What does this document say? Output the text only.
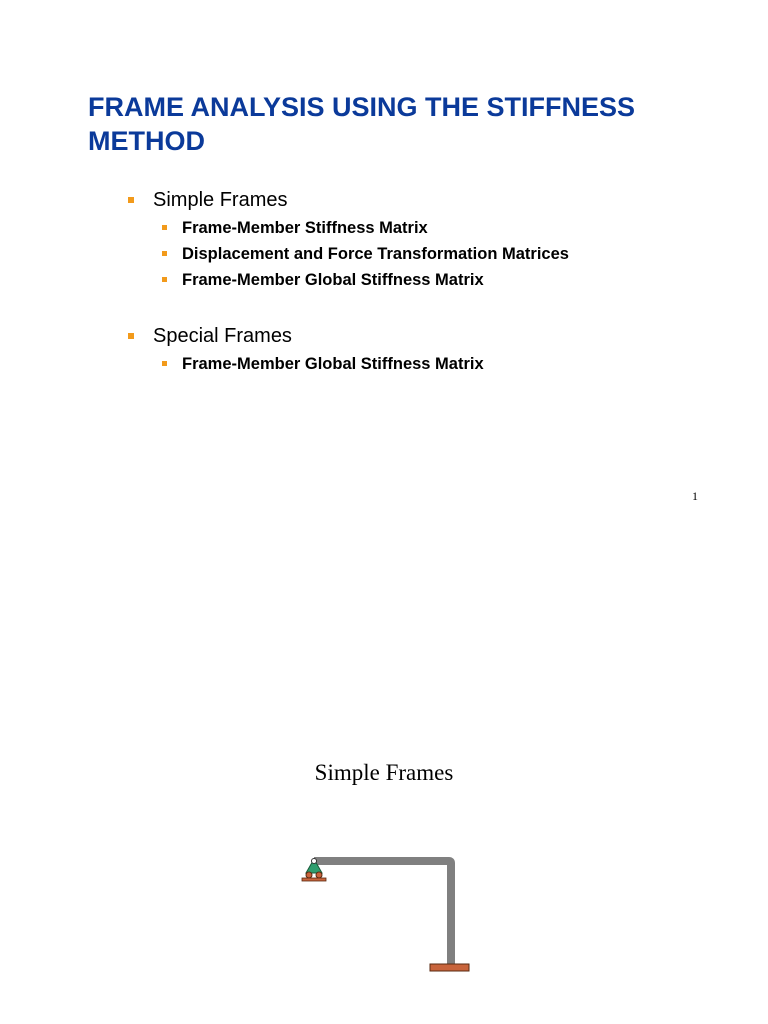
FRAME ANALYSIS USING THE STIFFNESS METHOD
Simple Frames
Frame-Member Stiffness Matrix
Displacement and Force Transformation Matrices
Frame-Member Global Stiffness Matrix
Special Frames
Frame-Member Global Stiffness Matrix
1
Simple Frames
